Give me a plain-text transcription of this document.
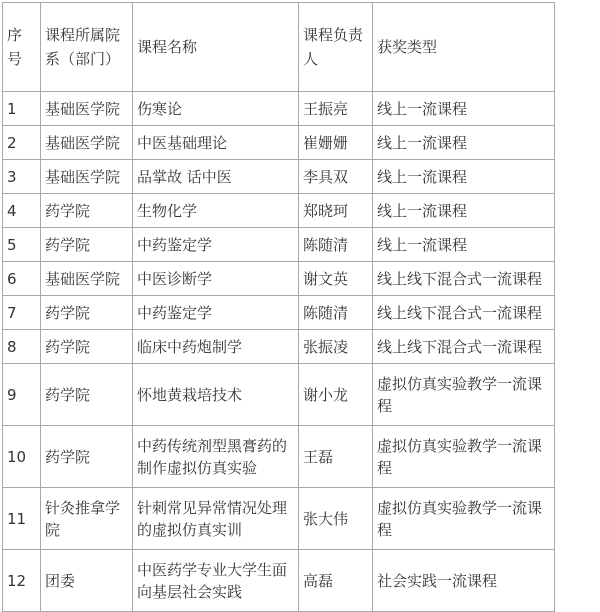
序号	课程所属院系（部门）	课程名称	课程负责人	获奖类型
1	基础医学院	伤寒论	王振亮	线上一流课程
2	基础医学院	中医基础理论	崔姗姗	线上一流课程
3	基础医学院	品掌故 话中医	李具双	线上一流课程
4	药学院	生物化学	郑晓珂	线上一流课程
5	药学院	中药鉴定学	陈随清	线上一流课程
6	基础医学院	中医诊断学	谢文英	线上线下混合式一流课程
7	药学院	中药鉴定学	陈随清	线上线下混合式一流课程
8	药学院	临床中药炮制学	张振凌	线上线下混合式一流课程
9	药学院	怀地黄栽培技术	谢小龙	虚拟仿真实验教学一流课程
10	药学院	中药传统剂型黑膏药的制作虚拟仿真实验	王磊	虚拟仿真实验教学一流课程
11	针灸推拿学院	针刺常见异常情况处理的虚拟仿真实训	张大伟	虚拟仿真实验教学一流课程
12	团委	中医药学专业大学生面向基层社会实践	高磊	社会实践一流课程
